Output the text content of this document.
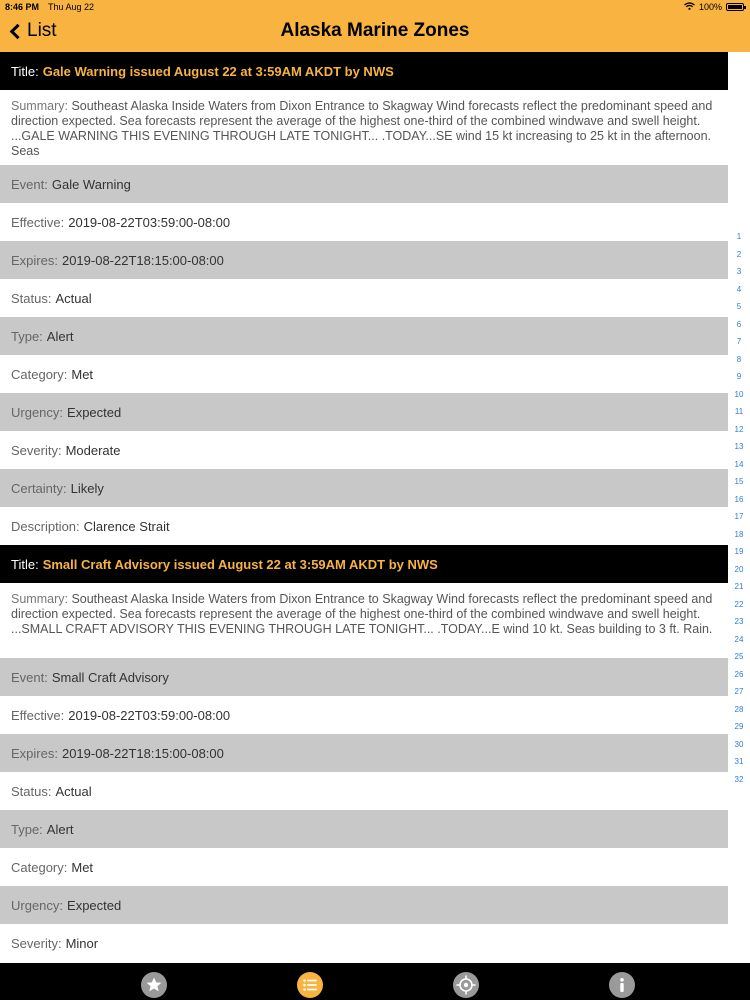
8:46 PM Thu Aug 22	100%
List	Alaska Marine Zones
Title: Gale Warning issued August 22 at 3:59AM AKDT by NWS
Summary: Southeast Alaska Inside Waters from Dixon Entrance to Skagway Wind forecasts reflect the predominant speed and direction expected. Sea forecasts represent the average of the highest one-third of the combined windwave and swell height. ...GALE WARNING THIS EVENING THROUGH LATE TONIGHT... .TODAY...SE wind 15 kt increasing to 25 kt in the afternoon. Seas
Event: Gale Warning
Effective: 2019-08-22T03:59:00-08:00
Expires: 2019-08-22T18:15:00-08:00
Status: Actual
Type: Alert
Category: Met
Urgency: Expected
Severity: Moderate
Certainty: Likely
Description: Clarence Strait
Title: Small Craft Advisory issued August 22 at 3:59AM AKDT by NWS
Summary: Southeast Alaska Inside Waters from Dixon Entrance to Skagway Wind forecasts reflect the predominant speed and direction expected. Sea forecasts represent the average of the highest one-third of the combined windwave and swell height. ...SMALL CRAFT ADVISORY THIS EVENING THROUGH LATE TONIGHT... .TODAY...E wind 10 kt. Seas building to 3 ft. Rain.
Event: Small Craft Advisory
Effective: 2019-08-22T03:59:00-08:00
Expires: 2019-08-22T18:15:00-08:00
Status: Actual
Type: Alert
Category: Met
Urgency: Expected
Severity: Minor
1
2
3
4
5
6
7
8
9
10
11
12
13
14
15
16
17
18
19
20
21
22
23
24
25
26
27
28
29
30
31
32
